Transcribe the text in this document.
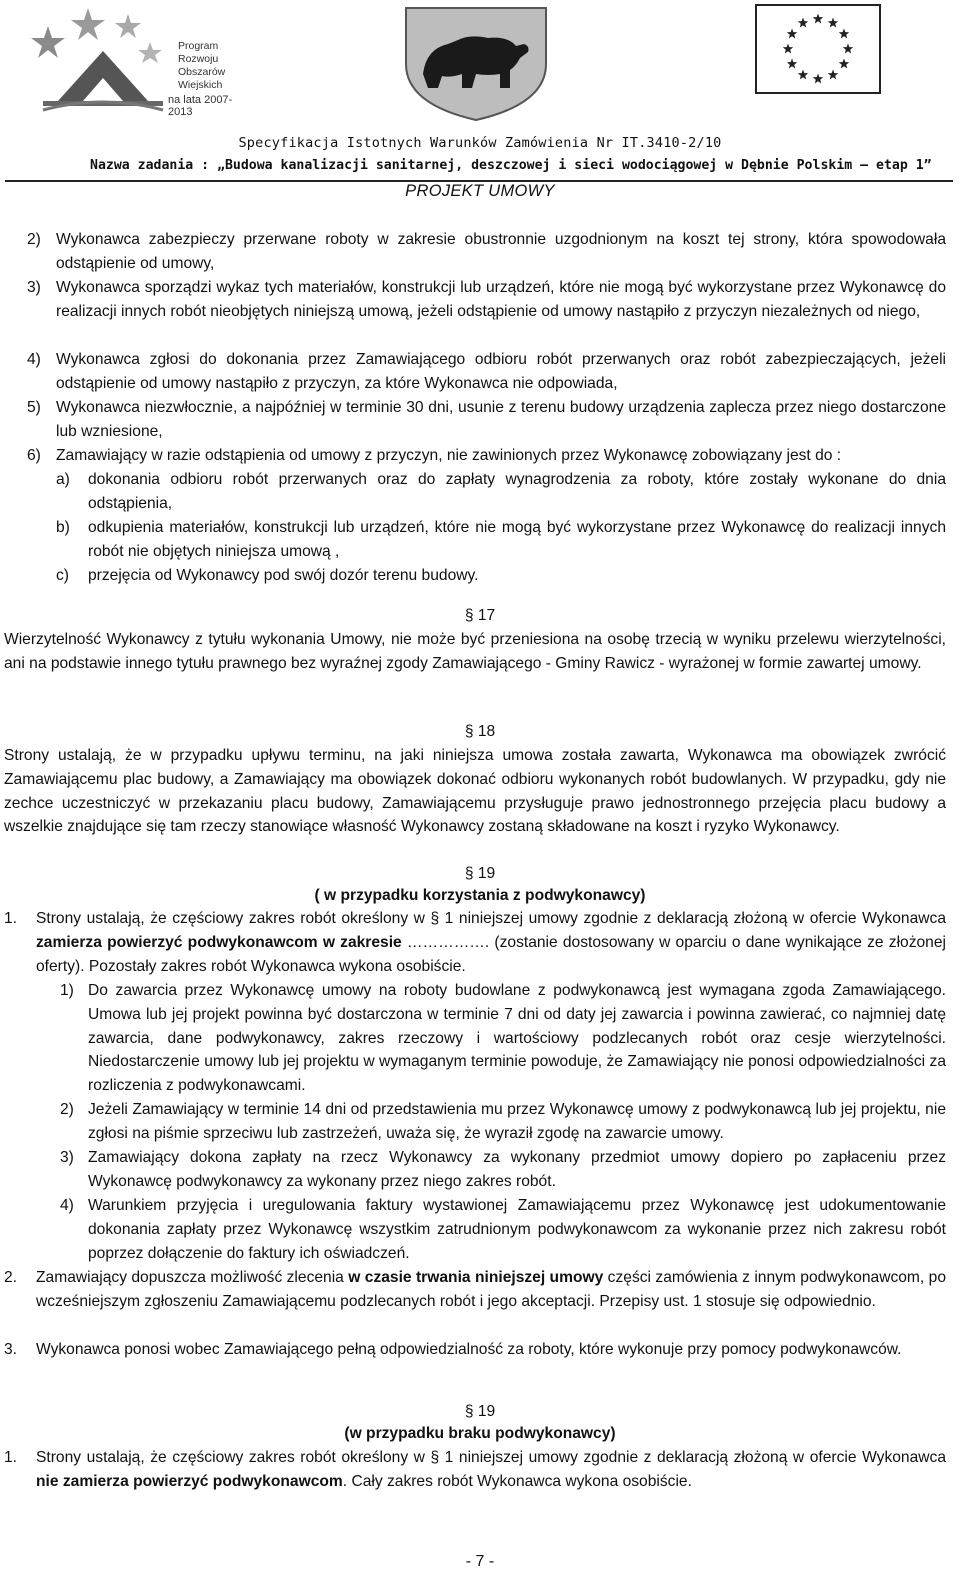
Program
Rozwoju
Obszarów
Wiejskich
na lata 2007-2013
Specyfikacja Istotnych Warunków Zamówienia Nr IT.3410-2/10
Nazwa zadania : „Budowa kanalizacji sanitarnej, deszczowej i sieci wodociągowej w Dębnie Polskim – etap 1”
PROJEKT UMOWY
2) Wykonawca zabezpieczy przerwane roboty w zakresie obustronnie uzgodnionym na koszt tej strony, która spowodowała odstąpienie od umowy,
3) Wykonawca sporządzi wykaz tych materiałów, konstrukcji lub urządzeń, które nie mogą być wykorzystane przez Wykonawcę do realizacji innych robót nieobjętych niniejszą umową, jeżeli odstąpienie od umowy nastąpiło z przyczyn niezależnych od niego,
4) Wykonawca zgłosi do dokonania przez Zamawiającego odbioru robót przerwanych oraz robót zabezpieczających, jeżeli odstąpienie od umowy nastąpiło z przyczyn, za które Wykonawca nie odpowiada,
5) Wykonawca niezwłocznie, a najpóźniej w terminie 30 dni, usunie z terenu budowy urządzenia zaplecza przez niego dostarczone lub wzniesione,
6) Zamawiający w razie odstąpienia od umowy z przyczyn, nie zawinionych przez Wykonawcę zobowiązany jest do :
a) dokonania odbioru robót przerwanych oraz do zapłaty wynagrodzenia za roboty, które zostały wykonane do dnia odstąpienia,
b) odkupienia materiałów, konstrukcji lub urządzeń, które nie mogą być wykorzystane przez Wykonawcę do realizacji innych robót nie objętych niniejsza umową ,
c) przejęcia od Wykonawcy pod swój dozór terenu budowy.
§ 17
Wierzytelność Wykonawcy z tytułu wykonania Umowy, nie może być przeniesiona na osobę trzecią w wyniku przelewu wierzytelności, ani na podstawie innego tytułu prawnego bez wyraźnej zgody Zamawiającego - Gminy Rawicz - wyrażonej w formie zawartej umowy.
§ 18
Strony ustalają, że w przypadku upływu terminu, na jaki niniejsza umowa została zawarta, Wykonawca ma obowiązek zwrócić Zamawiającemu plac budowy, a Zamawiający ma obowiązek dokonać odbioru wykonanych robót budowlanych. W przypadku, gdy nie zechce uczestniczyć w przekazaniu placu budowy, Zamawiającemu przysługuje prawo jednostronnego przejęcia placu budowy a wszelkie znajdujące się tam rzeczy stanowiące własność Wykonawcy zostaną składowane na koszt i ryzyko Wykonawcy.
§ 19
( w przypadku korzystania z podwykonawcy)
1. Strony ustalają, że częściowy zakres robót określony w § 1 niniejszej umowy zgodnie z deklaracją złożoną w ofercie Wykonawca zamierza powierzyć podwykonawcom w zakresie ……………. (zostanie dostosowany w oparciu o dane wynikające ze złożonej oferty). Pozostały zakres robót Wykonawca wykona osobiście.
1) Do zawarcia przez Wykonawcę umowy na roboty budowlane z podwykonawcą jest wymagana zgoda Zamawiającego. Umowa lub jej projekt powinna być dostarczona w terminie 7 dni od daty jej zawarcia i powinna zawierać, co najmniej datę zawarcia, dane podwykonawcy, zakres rzeczowy i wartościowy podzlecanych robót oraz cesje wierzytelności. Niedostarczenie umowy lub jej projektu w wymaganym terminie powoduje, że Zamawiający nie ponosi odpowiedzialności za rozliczenia z podwykonawcami.
2) Jeżeli Zamawiający w terminie 14 dni od przedstawienia mu przez Wykonawcę umowy z podwykonawcą lub jej projektu, nie zgłosi na piśmie sprzeciwu lub zastrzeżeń, uważa się, że wyraził zgodę na zawarcie umowy.
3) Zamawiający dokona zapłaty na rzecz Wykonawcy za wykonany przedmiot umowy dopiero po zapłaceniu przez Wykonawcę podwykonawcy za wykonany przez niego zakres robót.
4) Warunkiem przyjęcia i uregulowania faktury wystawionej Zamawiającemu przez Wykonawcę jest udokumentowanie dokonania zapłaty przez Wykonawcę wszystkim zatrudnionym podwykonawcom za wykonanie przez nich zakresu robót poprzez dołączenie do faktury ich oświadczeń.
2. Zamawiający dopuszcza możliwość zlecenia w czasie trwania niniejszej umowy części zamówienia z innym podwykonawcom, po wcześniejszym zgłoszeniu Zamawiającemu podzlecanych robót i jego akceptacji. Przepisy ust. 1 stosuje się odpowiednio.
3. Wykonawca ponosi wobec Zamawiającego pełną odpowiedzialność za roboty, które wykonuje przy pomocy podwykonawców.
§ 19
(w przypadku braku podwykonawcy)
1. Strony ustalają, że częściowy zakres robót określony w § 1 niniejszej umowy zgodnie z deklaracją złożoną w ofercie Wykonawca nie zamierza powierzyć podwykonawcom. Cały zakres robót Wykonawca wykona osobiście.
- 7 -
